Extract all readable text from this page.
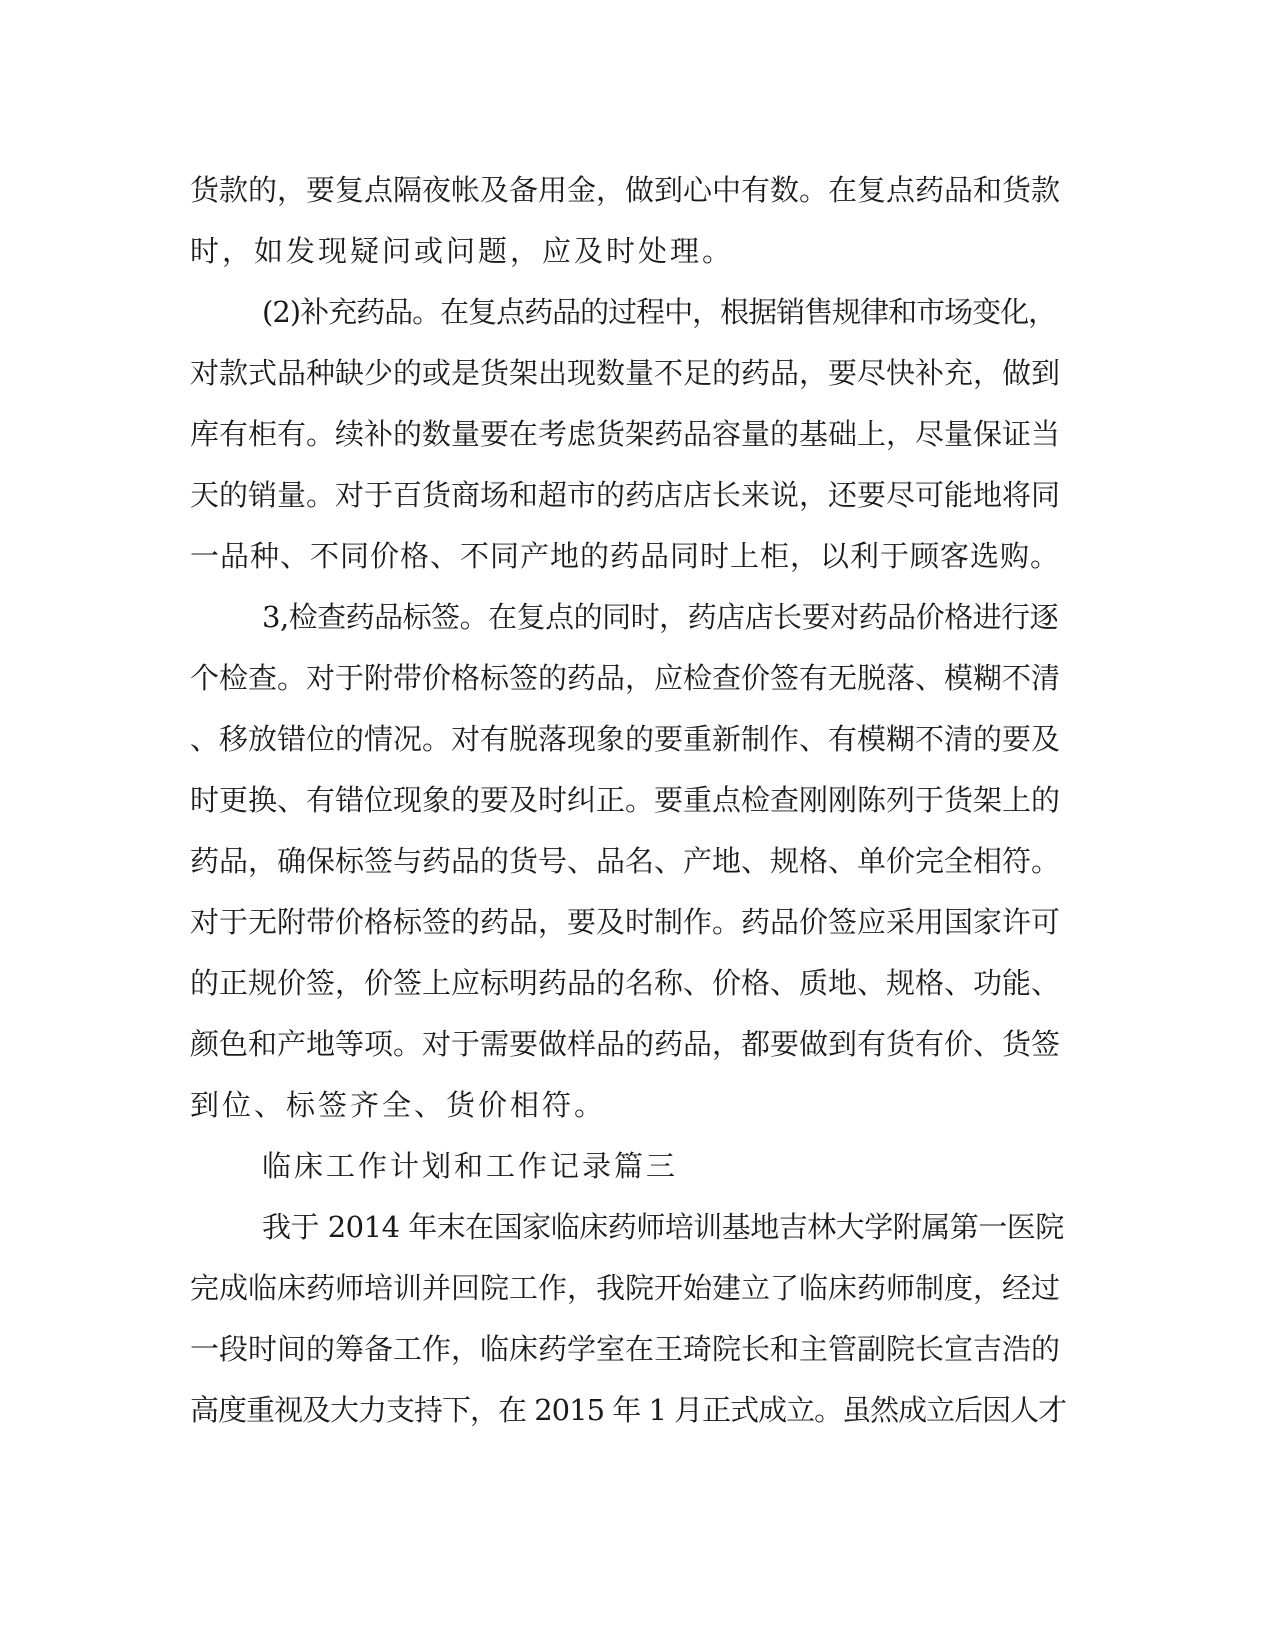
货款的，要复点隔夜帐及备用金，做到心中有数。在复点药品和货款
时，如发现疑问或问题，应及时处理。
(2)补充药品。在复点药品的过程中，根据销售规律和市场变化，
对款式品种缺少的或是货架出现数量不足的药品，要尽快补充，做到
库有柜有。续补的数量要在考虑货架药品容量的基础上，尽量保证当
天的销量。对于百货商场和超市的药店店长来说，还要尽可能地将同
一品种、不同价格、不同产地的药品同时上柜，以利于顾客选购。
3,检查药品标签。在复点的同时，药店店长要对药品价格进行逐
个检查。对于附带价格标签的药品，应检查价签有无脱落、模糊不清
、移放错位的情况。对有脱落现象的要重新制作、有模糊不清的要及
时更换、有错位现象的要及时纠正。要重点检查刚刚陈列于货架上的
药品，确保标签与药品的货号、品名、产地、规格、单价完全相符。
对于无附带价格标签的药品，要及时制作。药品价签应采用国家许可
的正规价签，价签上应标明药品的名称、价格、质地、规格、功能、
颜色和产地等项。对于需要做样品的药品，都要做到有货有价、货签
到位、标签齐全、货价相符。
临床工作计划和工作记录篇三
我于 2014 年末在国家临床药师培训基地吉林大学附属第一医院
完成临床药师培训并回院工作，我院开始建立了临床药师制度，经过
一段时间的筹备工作，临床药学室在王琦院长和主管副院长宣吉浩的
高度重视及大力支持下，在 2015 年 1 月正式成立。虽然成立后因人才
